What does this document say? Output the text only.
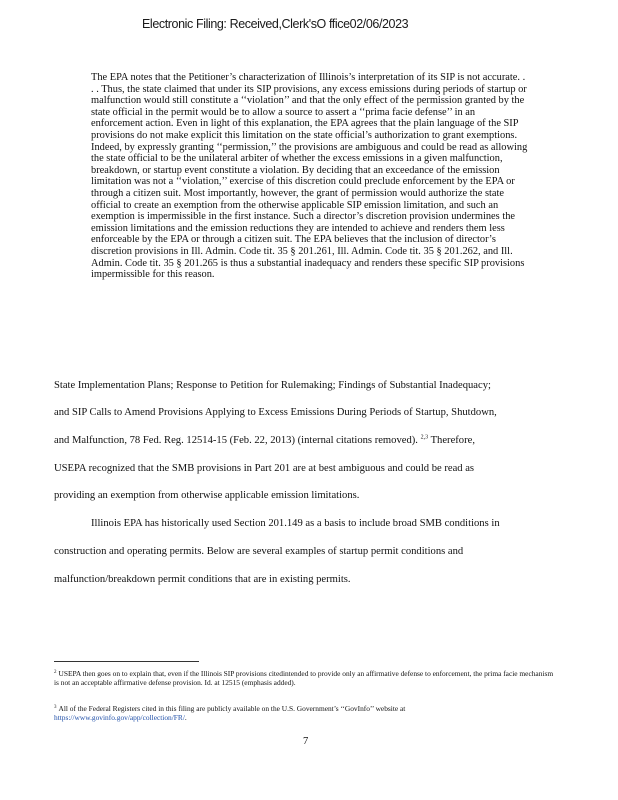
Electronic Filing: Received,Clerk'sO ffice02/06/2023

The EPA notes that the Petitioner’s characterization of Illinois’s interpretation of its SIP is not accurate. . . . Thus, the state claimed that under its SIP provisions, any excess emissions during periods of startup or malfunction would still constitute a ‘‘violation’’ and that the only effect of the permission granted by the state official in the permit would be to allow a source to assert a ‘‘prima facie defense’’ in an enforcement action. Even in light of this explanation, the EPA agrees that the plain language of the SIP provisions do not make explicit this limitation on the state official’s authorization to grant exemptions. Indeed, by expressly granting ‘‘permission,’’ the provisions are ambiguous and could be read as allowing the state official to be the unilateral arbiter of whether the excess emissions in a given malfunction, breakdown, or startup event constitute a violation. By deciding that an exceedance of the emission limitation was not a ‘‘violation,’’ exercise of this discretion could preclude enforcement by the EPA or through a citizen suit. Most importantly, however, the grant of permission would authorize the state official to create an exemption from the otherwise applicable SIP emission limitation, and such an exemption is impermissible in the first instance. Such a director’s discretion provision undermines the emission limitations and the emission reductions they are intended to achieve and renders them less enforceable by the EPA or through a citizen suit. The EPA believes that the inclusion of director’s discretion provisions in Ill. Admin. Code tit. 35 § 201.261, Ill. Admin. Code tit. 35 § 201.262, and Ill. Admin. Code tit. 35 § 201.265 is thus a substantial inadequacy and renders these specific SIP provisions impermissible for this reason.

State Implementation Plans; Response to Petition for Rulemaking; Findings of Substantial Inadequacy;
and SIP Calls to Amend Provisions Applying to Excess Emissions During Periods of Startup, Shutdown,
and Malfunction, 78 Fed. Reg. 12514-15 (Feb. 22, 2013) (internal citations removed). $^{2,3}$ Therefore,
USEPA recognized that the SMB provisions in Part 201 are at best ambiguous and could be read as
providing an exemption from otherwise applicable emission limitations.
Illinois EPA has historically used Section 201.149 as a basis to include broad SMB conditions in
construction and operating permits. Below are several examples of startup permit conditions and
malfunction/breakdown permit conditions that are in existing permits.
$^2$ USEPA then goes on to explain that, even if the Illinois SIP provisions citedintended to provide only an affirmative defense to enforcement, the prima facie mechanism is not an acceptable affirmative defense provision. Id. at 12515 (emphasis added).
$^3$ All of the Federal Registers cited in this filing are publicly available on the U.S. Government’s ‘‘GovInfo’’ website at
https://www.govinfo.gov/app/collection/FR/.
7
